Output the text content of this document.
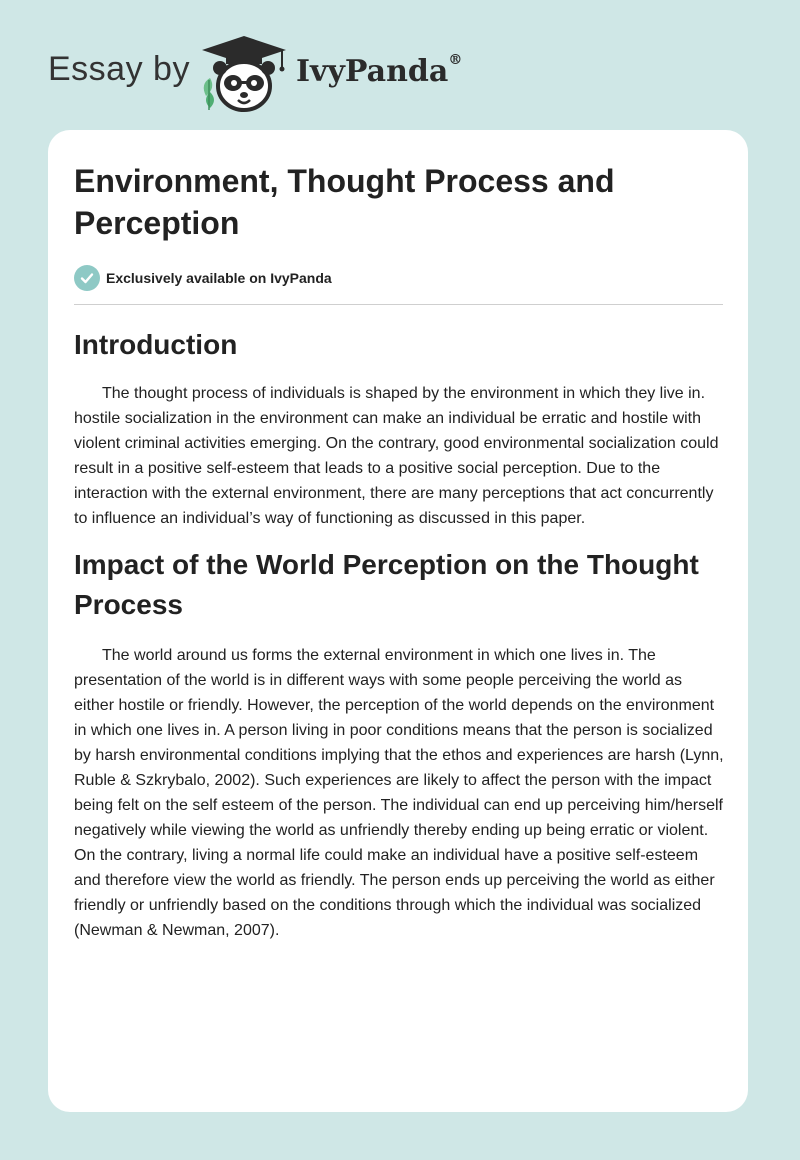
Essay by	IvyPanda®
Environment, Thought Process and Perception
Exclusively available on IvyPanda
Introduction

The thought process of individuals is shaped by the environment in which they live in. hostile socialization in the environment can make an individual be erratic and hostile with violent criminal activities emerging. On the contrary, good environmental socialization could result in a positive self-esteem that leads to a positive social perception. Due to the interaction with the external environment, there are many perceptions that act concurrently to influence an individual’s way of functioning as discussed in this paper.

Impact of the World Perception on the Thought Process

The world around us forms the external environment in which one lives in. The presentation of the world is in different ways with some people perceiving the world as either hostile or friendly. However, the perception of the world depends on the environment in which one lives in. A person living in poor conditions means that the person is socialized by harsh environmental conditions implying that the ethos and experiences are harsh (Lynn, Ruble & Szkrybalo, 2002). Such experiences are likely to affect the person with the impact being felt on the self esteem of the person. The individual can end up perceiving him/herself negatively while viewing the world as unfriendly thereby ending up being erratic or violent. On the contrary, living a normal life could make an individual have a positive self-esteem and therefore view the world as friendly. The person ends up perceiving the world as either friendly or unfriendly based on the conditions through which the individual was socialized (Newman & Newman, 2007).
